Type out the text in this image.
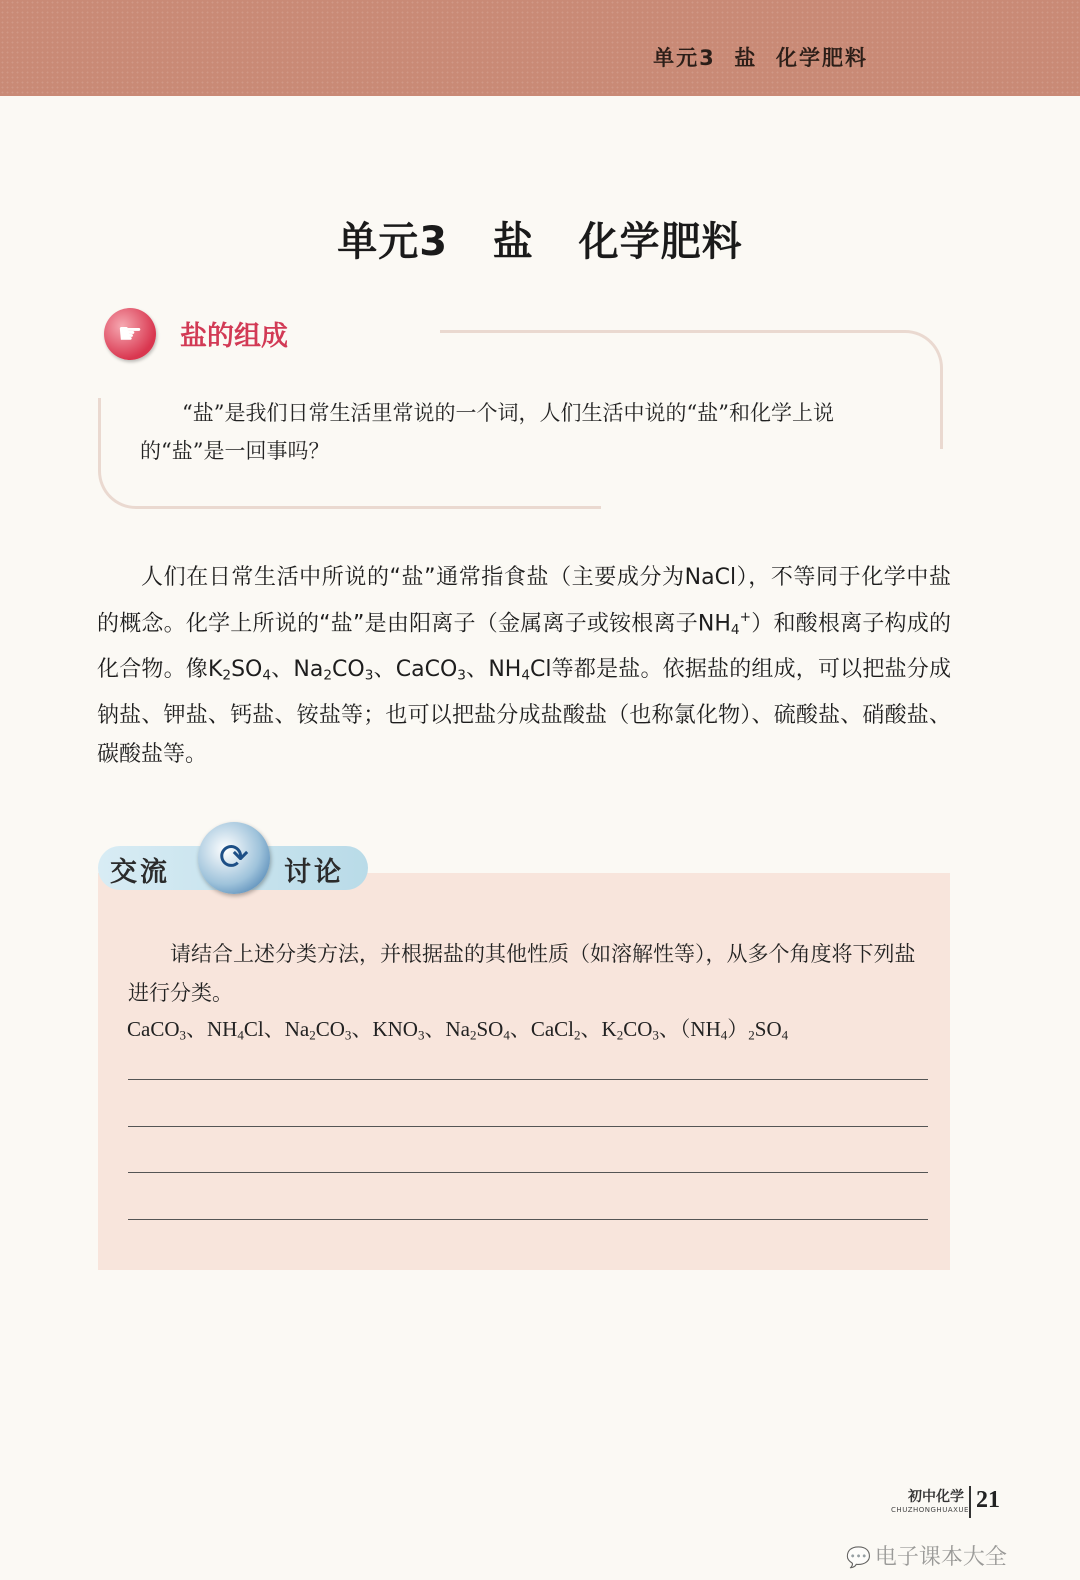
单元3  盐  化学肥料
单元3   盐   化学肥料
☛	盐的组成
“盐”是我们日常生活里常说的一个词，人们生活中说的“盐”和化学上说的“盐”是一回事吗？
人们在日常生活中所说的“盐”通常指食盐（主要成分为NaCl），不等同于化学中盐的概念。化学上所说的“盐”是由阳离子（金属离子或铵根离子$NH_4^+$）和酸根离子构成的化合物。像$K_2SO_4$、$Na_2CO_3$、CaCO$_3$、$NH_4Cl$等都是盐。依据盐的组成，可以把盐分成钠盐、钾盐、钙盐、铵盐等；也可以把盐分成盐酸盐（也称氯化物）、硫酸盐、硝酸盐、碳酸盐等。
交流	⟳	讨论
请结合上述分类方法，并根据盐的其他性质（如溶解性等），从多个角度将下列盐进行分类。
CaCO$_3$、$NH_4Cl$、$Na_2CO_3$、$KNO_3$、$Na_2SO_4$、CaCl$_2$、$K_2CO_3$、$(NH_4)_2SO_4$
初中化学
CHUZHONGHUAXUE 21
💬 电子课本大全
